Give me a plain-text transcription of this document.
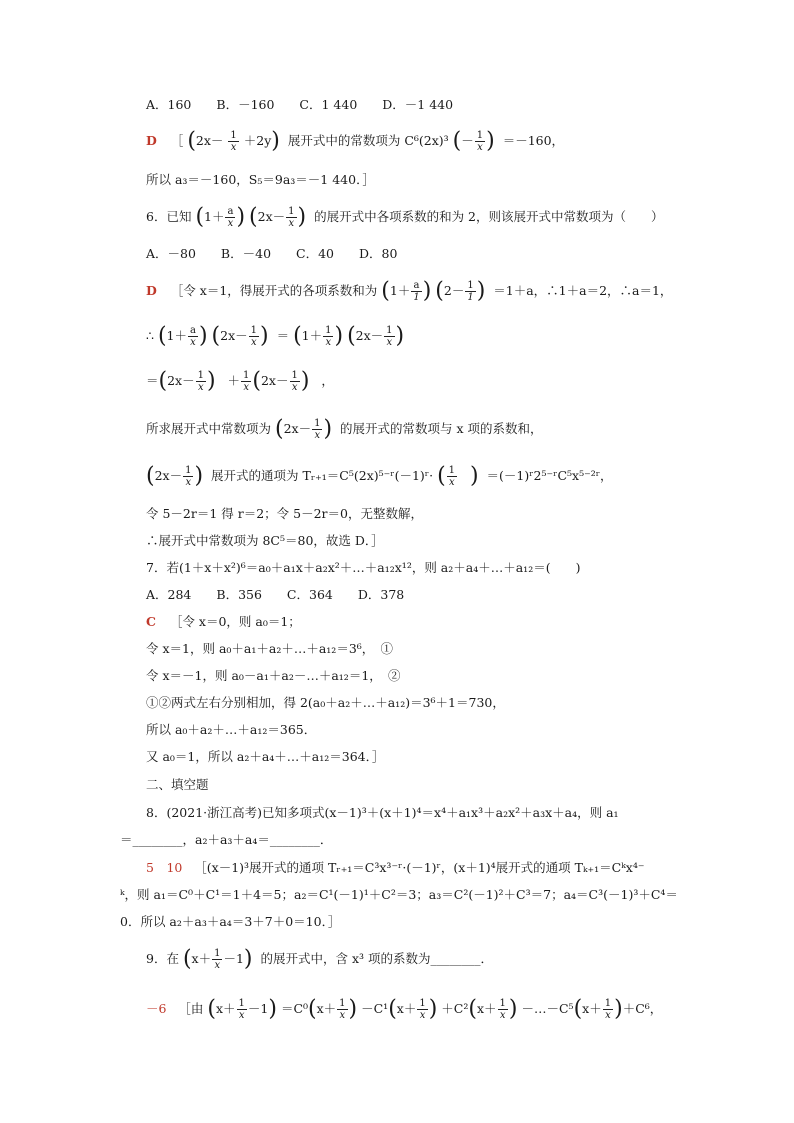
A．160　　B．－160　　C．1 440　　D．－1 440
D ［ $(2x- \frac{1}{x} +2y)$ 展开式中的常数项为 C⁶(2x)³ (－ $\frac{1}{x}$ ) ＝－160，
所以 a₃＝－160，S₅＝9a₃＝－1 440．］
6．已知 ($1+ \frac{a}{x}$ ) ($2x- \frac{1}{x}$ ) 的展开式中各项系数的和为 2，则该展开式中常数项为（　　）
A．－80　　B．－40　　C．40　　D．80
D ［令 x＝1，得展开式的各项系数和为 ($1+ \frac{a}{1}$ ) ($2- \frac{1}{1}$ ) ＝1＋a，∴1＋a＝2，∴a＝1，
∴ ($1+ \frac{a}{x}$ ) ($2x- \frac{1}{x}$ ) ＝ ($1+ \frac{1}{x}$ ) ($2x- \frac{1}{x}$ )
$=(2x- \frac{1}{x}$ )   ＋ $\frac{1}{x} (2x- \frac{1}{x}$ )   ，
所求展开式中常数项为 ($2x- \frac{1}{x}$ ) 的展开式的常数项与 x 项的系数和，
($2x- \frac{1}{x}$ ) 展开式的通项为 Tᵣ₊₁＝C⁵(2x)⁵⁻ʳ(－1)ʳ· ( $\frac{1}{x}$ ) ＝(－1)ʳ2⁵⁻ʳC⁵x⁵⁻²ʳ，
令 5－2r＝1 得 r＝2；令 5－2r＝0，无整数解，
∴展开式中常数项为 8C⁵＝80，故选 D．］
7．若(1＋x＋x²)⁶＝a₀＋a₁x＋a₂x²＋…＋a₁₂x¹²，则 a₂＋a₄＋…＋a₁₂＝(　　)
A．284　　B．356　　C．364　　D．378
C ［令 x＝0，则 a₀＝1；
令 x＝1，则 a₀＋a₁＋a₂＋…＋a₁₂＝3⁶，　①
令 x＝－1，则 a₀－a₁＋a₂－…＋a₁₂＝1，　②
①②两式左右分别相加，得 2(a₀＋a₂＋…＋a₁₂)＝3⁶＋1＝730，
所以 a₀＋a₂＋…＋a₁₂＝365．
又 a₀＝1，所以 a₂＋a₄＋…＋a₁₂＝364．］
二、填空题
8．(2021·浙江高考)已知多项式(x－1)³＋(x＋1)⁴＝x⁴＋a₁x³＋a₂x²＋a₃x＋a₄，则 a₁
＝________，a₂＋a₃＋a₄＝________．
5　10 ［(x－1)³展开式的通项 Tᵣ₊₁＝C³x³⁻ʳ·(－1)ʳ，(x＋1)⁴展开式的通项 Tₖ₊₁＝Cᵏx⁴⁻
ᵏ，则 a₁＝C⁰＋C¹＝1＋4＝5；a₂＝C¹(－1)¹＋C²＝3；a₃＝C²(－1)²＋C³＝7；a₄＝C³(－1)³＋C⁴＝
0．所以 a₂＋a₃＋a₄＝3＋7＋0＝10．］
9．在 $(x+ \frac{1}{x} -1)$ 的展开式中，含 x³ 项的系数为________．
－6 ［由 $(x+ \frac{1}{x} -1) =C^0(x+ \frac{1}{x}$ ) $-C^1(x+ \frac{1}{x}$ ) $+C^2(x+ \frac{1}{x}$ ) －…－C⁵(x＋ $\frac{1}{x} )+C^6$，
